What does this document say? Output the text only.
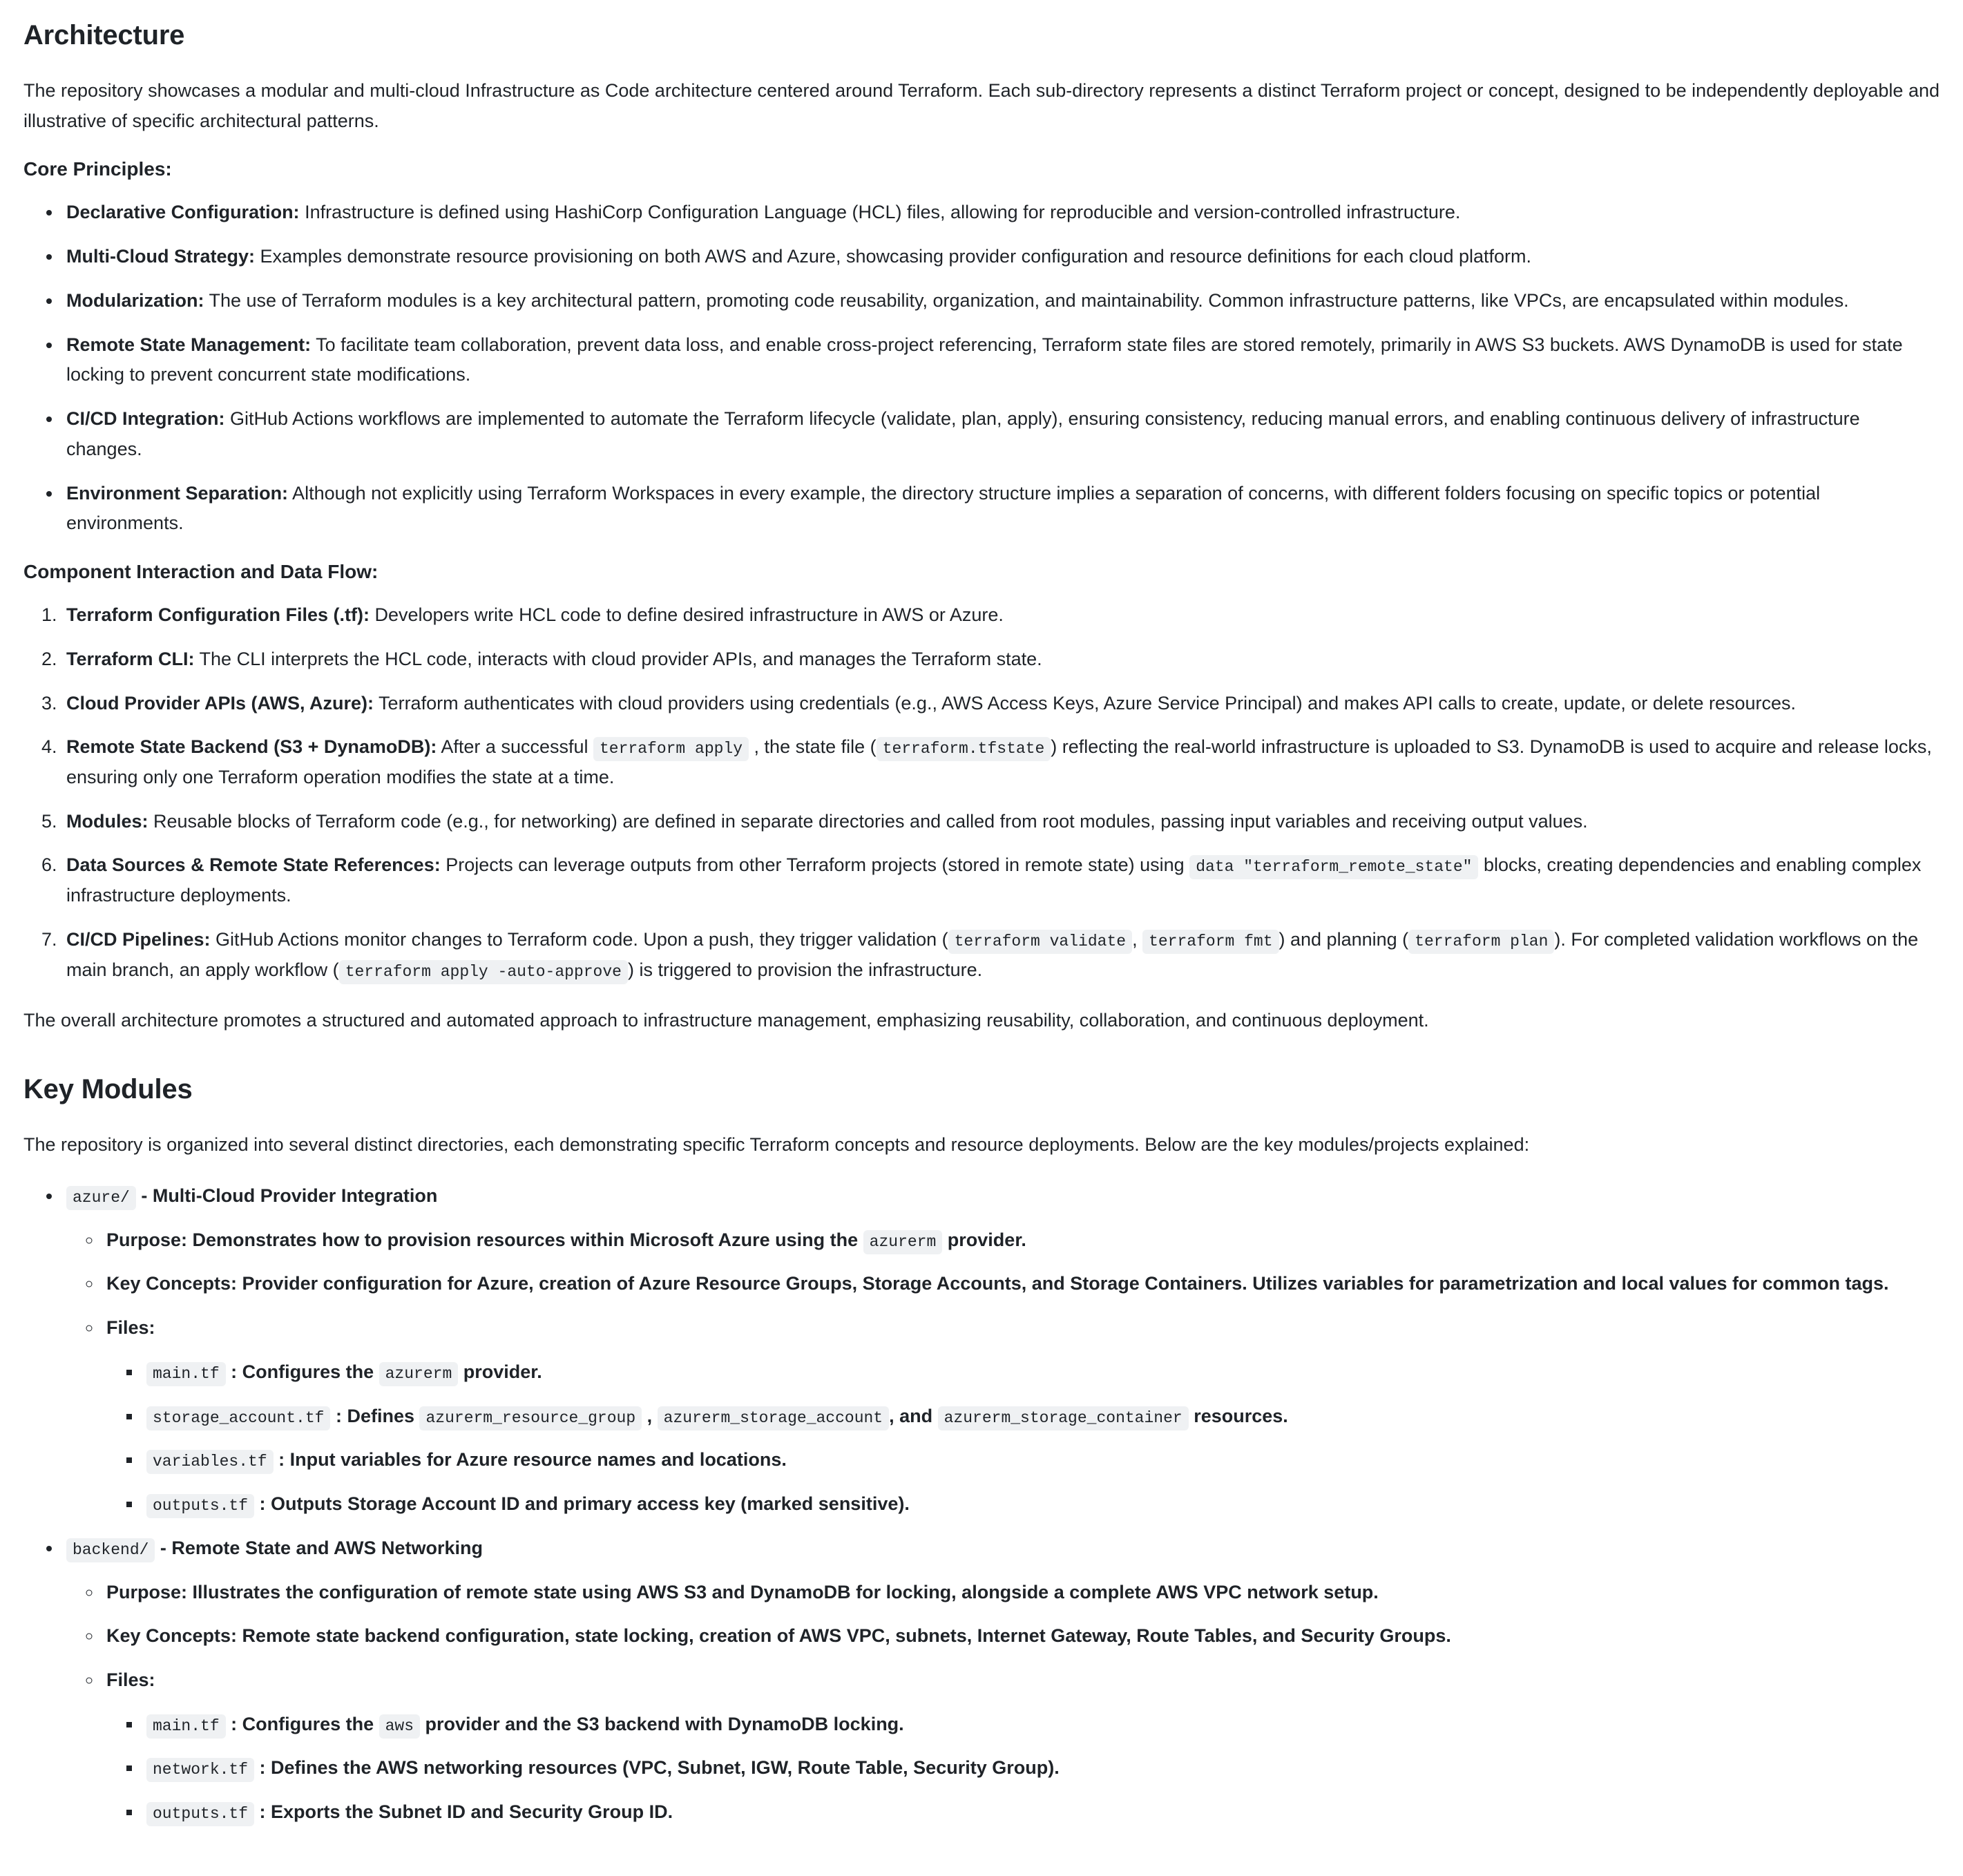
Architecture

The repository showcases a modular and multi-cloud Infrastructure as Code architecture centered around Terraform. Each sub-directory represents a distinct Terraform project or concept, designed to be independently deployable and illustrative of specific architectural patterns.

Core Principles:
• Declarative Configuration: Infrastructure is defined using HashiCorp Configuration Language (HCL) files, allowing for reproducible and version-controlled infrastructure.
• Multi-Cloud Strategy: Examples demonstrate resource provisioning on both AWS and Azure, showcasing provider configuration and resource definitions for each cloud platform.
• Modularization: The use of Terraform modules is a key architectural pattern, promoting code reusability, organization, and maintainability. Common infrastructure patterns, like VPCs, are encapsulated within modules.
• Remote State Management: To facilitate team collaboration, prevent data loss, and enable cross-project referencing, Terraform state files are stored remotely, primarily in AWS S3 buckets. AWS DynamoDB is used for state locking to prevent concurrent state modifications.
• CI/CD Integration: GitHub Actions workflows are implemented to automate the Terraform lifecycle (validate, plan, apply), ensuring consistency, reducing manual errors, and enabling continuous delivery of infrastructure changes.
• Environment Separation: Although not explicitly using Terraform Workspaces in every example, the directory structure implies a separation of concerns, with different folders focusing on specific topics or potential environments.
Component Interaction and Data Flow:
1. Terraform Configuration Files (.tf): Developers write HCL code to define desired infrastructure in AWS or Azure.
2. Terraform CLI: The CLI interprets the HCL code, interacts with cloud provider APIs, and manages the Terraform state.
3. Cloud Provider APIs (AWS, Azure): Terraform authenticates with cloud providers using credentials (e.g., AWS Access Keys, Azure Service Principal) and makes API calls to create, update, or delete resources.
4. Remote State Backend (S3 + DynamoDB): After a successful terraform apply , the state file ( terraform.tfstate ) reflecting the real-world infrastructure is uploaded to S3. DynamoDB is used to acquire and release locks, ensuring only one Terraform operation modifies the state at a time.
5. Modules: Reusable blocks of Terraform code (e.g., for networking) are defined in separate directories and called from root modules, passing input variables and receiving output values.
6. Data Sources & Remote State References: Projects can leverage outputs from other Terraform projects (stored in remote state) using data "terraform_remote_state" blocks, creating dependencies and enabling complex infrastructure deployments.
7. CI/CD Pipelines: GitHub Actions monitor changes to Terraform code. Upon a push, they trigger validation ( terraform validate , terraform fmt ) and planning ( terraform plan ). For completed validation workflows on the main branch, an apply workflow ( terraform apply -auto-approve ) is triggered to provision the infrastructure.

The overall architecture promotes a structured and automated approach to infrastructure management, emphasizing reusability, collaboration, and continuous deployment.

Key Modules

The repository is organized into several distinct directories, each demonstrating specific Terraform concepts and resource deployments. Below are the key modules/projects explained:

• azure/ - Multi-Cloud Provider Integration
◦ Purpose: Demonstrates how to provision resources within Microsoft Azure using the azurerm provider.
◦ Key Concepts: Provider configuration for Azure, creation of Azure Resource Groups, Storage Accounts, and Storage Containers. Utilizes variables for parametrization and local values for common tags.
◦ Files:
▪ main.tf : Configures the azurerm provider.
▪ storage_account.tf : Defines azurerm_resource_group , azurerm_storage_account , and azurerm_storage_container resources.
▪ variables.tf : Input variables for Azure resource names and locations.
▪ outputs.tf : Outputs Storage Account ID and primary access key (marked sensitive).
• backend/ - Remote State and AWS Networking
◦ Purpose: Illustrates the configuration of remote state using AWS S3 and DynamoDB for locking, alongside a complete AWS VPC network setup.
◦ Key Concepts: Remote state backend configuration, state locking, creation of AWS VPC, subnets, Internet Gateway, Route Tables, and Security Groups.
◦ Files:
▪ main.tf : Configures the aws provider and the S3 backend with DynamoDB locking.
▪ network.tf : Defines the AWS networking resources (VPC, Subnet, IGW, Route Table, Security Group).
▪ outputs.tf : Exports the Subnet ID and Security Group ID.
